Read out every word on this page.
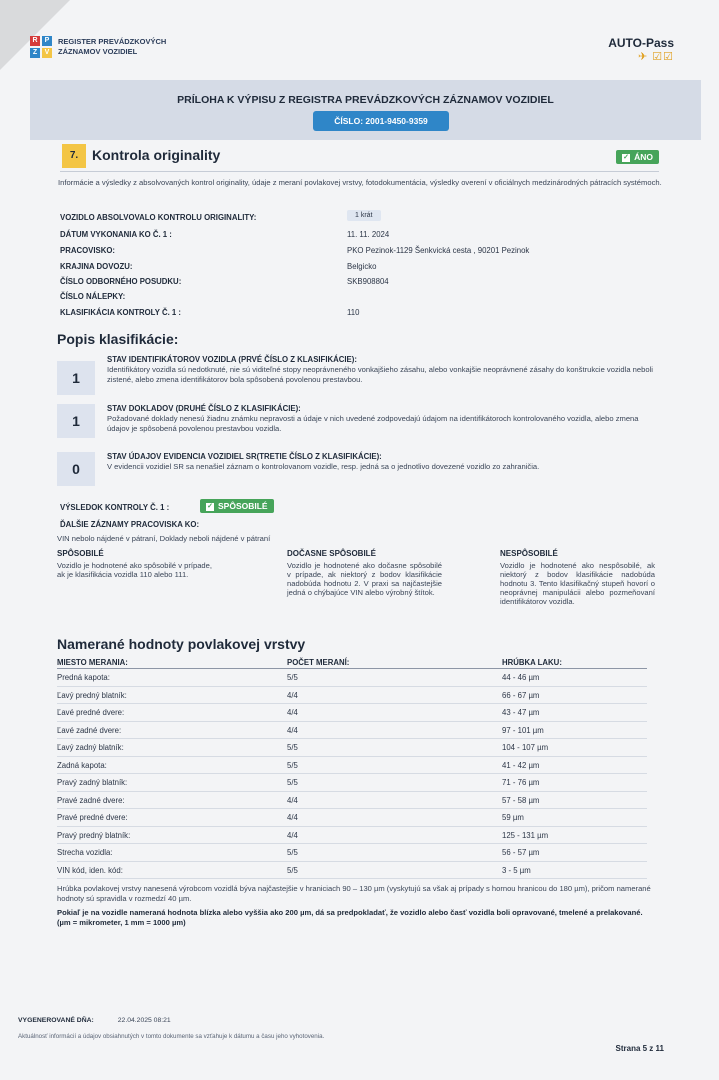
R	P
Z	V
REGISTER PREVÁDZKOVÝCH
ZÁZNAMOV VOZIDIEL
AUTO-Pass
✈ ☑☑
PRÍLOHA K VÝPISU Z REGISTRA PREVÁDZKOVÝCH ZÁZNAMOV VOZIDIEL
ČÍSLO: 2001-9450-9359
7. Kontrola originality	✓ ÁNO
Informácie a výsledky z absolvovaných kontrol originality, údaje z meraní povlakovej vrstvy, fotodokumentácia, výsledky overení v oficiálnych medzinárodných pátracích systémoch.
VOZIDLO ABSOLVOVALO KONTROLU ORIGINALITY:	1 krát
DÁTUM VYKONANIA KO Č. 1 :	11. 11. 2024
PRACOVISKO:	PKO Pezinok-1129 Šenkvická cesta , 90201 Pezinok
KRAJINA DOVOZU:	Belgicko
ČÍSLO ODBORNÉHO POSUDKU:	SKB908804
ČÍSLO NÁLEPKY:
KLASIFIKÁCIA KONTROLY Č. 1 :	110
Popis klasifikácie:
1
STAV IDENTIFIKÁTOROV VOZIDLA (PRVÉ ČÍSLO Z KLASIFIKÁCIE):
Identifikátory vozidla sú nedotknuté, nie sú viditeľné stopy neoprávneného vonkajšieho zásahu, alebo vonkajšie neoprávnené zásahy do konštrukcie vozidla neboli zistené, alebo zmena identifikátorov bola spôsobená povolenou prestavbou.
1
STAV DOKLADOV (DRUHÉ ČÍSLO Z KLASIFIKÁCIE):
Požadované doklady nenesú žiadnu známku nepravosti a údaje v nich uvedené zodpovedajú údajom na identifikátoroch kontrolovaného vozidla, alebo zmena údajov je spôsobená povolenou prestavbou vozidla.
0
STAV ÚDAJOV EVIDENCIA VOZIDIEL SR(TRETIE ČÍSLO Z KLASIFIKÁCIE):
V evidencii vozidiel SR sa nenašiel záznam o kontrolovanom vozidle, resp. jedná sa o jednotlivo dovezené vozidlo zo zahraničia.
VÝSLEDOK KONTROLY Č. 1 :	✓ SPÔSOBILÉ
ĎALŠIE ZÁZNAMY PRACOVISKA KO:
VIN nebolo nájdené v pátraní, Doklady neboli nájdené v pátraní
SPÔSOBILÉ
Vozidlo je hodnotené ako spôsobilé v prípade, ak je klasifikácia vozidla 110 alebo 111.
DOČASNE SPÔSOBILÉ
Vozidlo je hodnotené ako dočasne spôsobilé v prípade, ak niektorý z bodov klasifikácie nadobúda hodnotu 2. V praxi sa najčastejšie jedná o chýbajúce VIN alebo výrobný štítok.
NESPÔSOBILÉ
Vozidlo je hodnotené ako nespôsobilé, ak niektorý z bodov klasifikácie nadobúda hodnotu 3. Tento klasifikačný stupeň hovorí o neoprávnej manipulácii alebo pozmeňovaní identifikátorov vozidla.
Namerané hodnoty povlakovej vrstvy
MIESTO MERANIA:	POČET MERANÍ:	HRÚBKA LAKU:
Predná kapota:	5/5	44 - 46 µm
Ľavý predný blatník:	4/4	66 - 67 µm
Ľavé predné dvere:	4/4	43 - 47 µm
Ľavé zadné dvere:	4/4	97 - 101 µm
Ľavý zadný blatník:	5/5	104 - 107 µm
Zadná kapota:	5/5	41 - 42 µm
Pravý zadný blatník:	5/5	71 - 76 µm
Pravé zadné dvere:	4/4	57 - 58 µm
Pravé predné dvere:	4/4	59 µm
Pravý predný blatník:	4/4	125 - 131 µm
Strecha vozidla:	5/5	56 - 57 µm
VIN kód, iden. kód:	5/5	3 - 5 µm
Hrúbka povlakovej vrstvy nanesená výrobcom vozidlá býva najčastejšie v hraniciach 90 – 130 µm (vyskytujú sa však aj prípady s hornou hranicou do 180 µm), pričom namerané hodnoty sú spravidla v rozmedzí 40 µm.
Pokiaľ je na vozidle nameraná hodnota blízka alebo vyššia ako 200 µm, dá sa predpokladať, že vozidlo alebo časť vozidla boli opravované, tmelené a prelakované. (µm = mikrometer, 1 mm = 1000 µm)
VYGENEROVANÉ DŇA:	22.04.2025 08:21
Aktuálnosť informácií a údajov obsiahnutých v tomto dokumente sa vzťahuje k dátumu a času jeho vyhotovenia.
Strana 5 z 11
